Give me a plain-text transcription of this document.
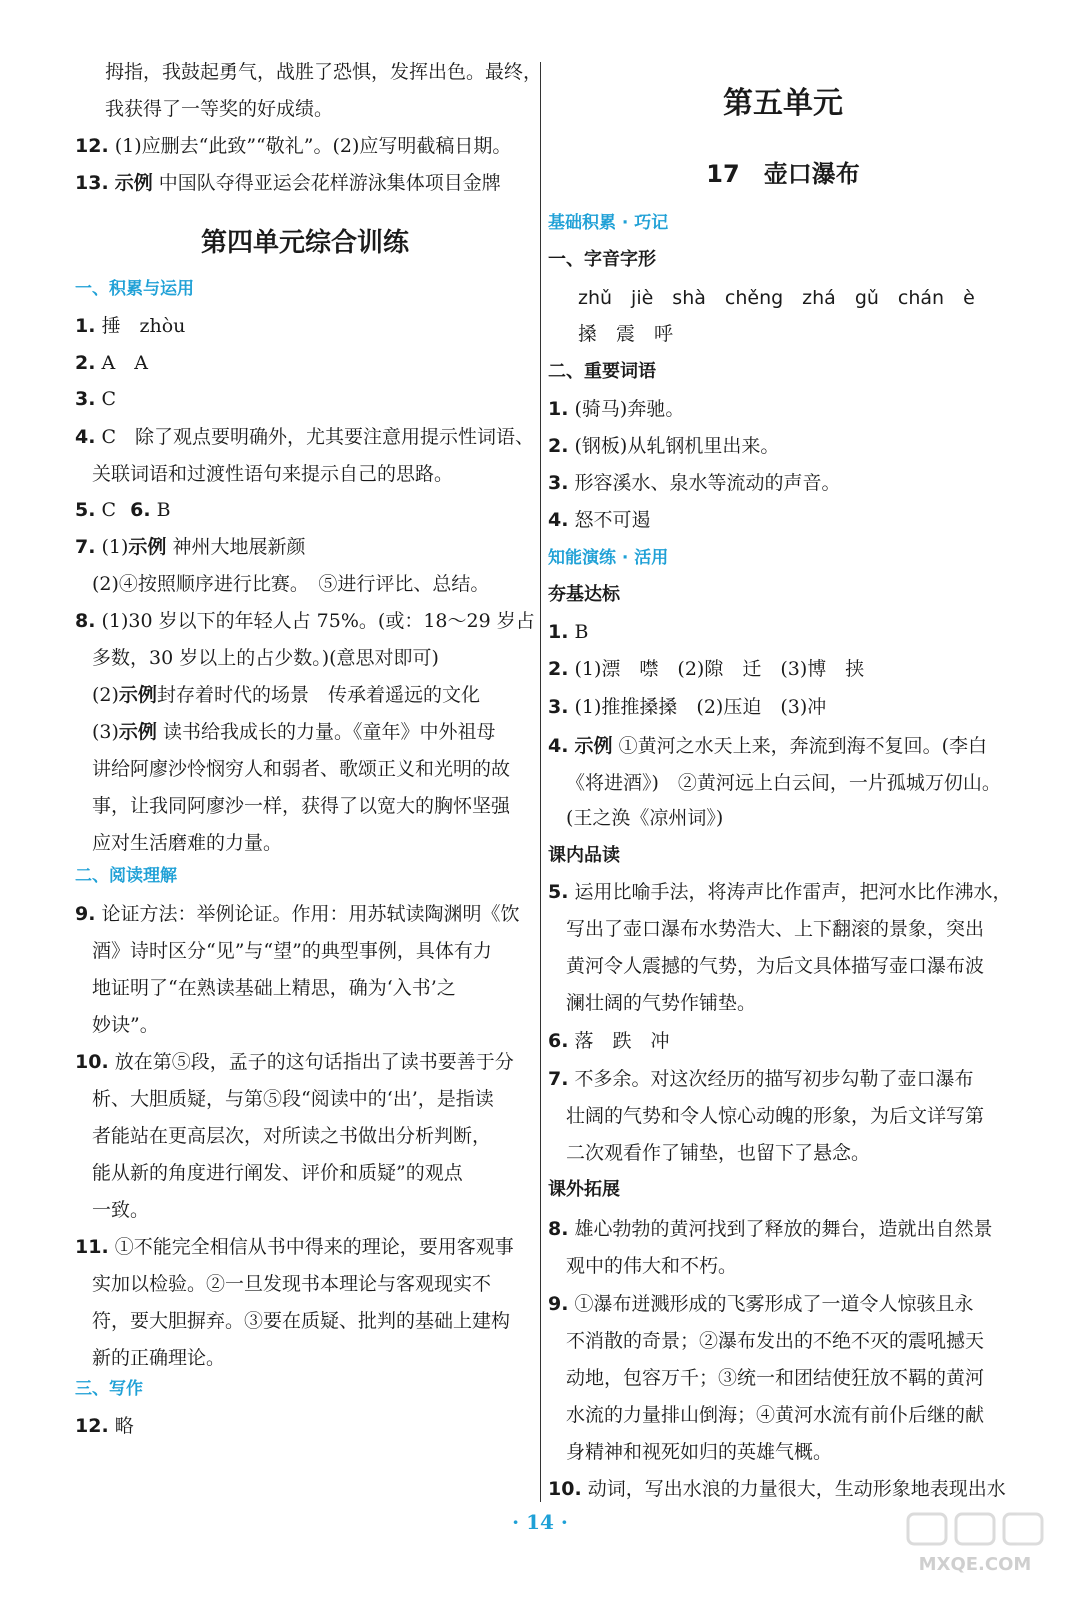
拇指，我鼓起勇气，战胜了恐惧，发挥出色。最终，
我获得了一等奖的好成绩。
12. (1)应删去“此致”“敬礼”。(2)应写明截稿日期。
13. 示例 中国队夺得亚运会花样游泳集体项目金牌
第四单元综合训练
一、积累与运用
1. 捶　zhòu
2. A　A
3. C
4. C　除了观点要明确外，尤其要注意用提示性词语、
关联词语和过渡性语句来提示自己的思路。
5. C 6. B
7. (1)示例 神州大地展新颜
(2)④按照顺序进行比赛。　⑤进行评比、总结。
8. (1)30 岁以下的年轻人占 75%。(或：18～29 岁占
多数，30 岁以上的占少数。)(意思对即可)
(2)示例封存着时代的场景　传承着遥远的文化
(3)示例 读书给我成长的力量。《童年》中外祖母
讲给阿廖沙怜悯穷人和弱者、歌颂正义和光明的故
事，让我同阿廖沙一样，获得了以宽大的胸怀坚强
应对生活磨难的力量。
二、阅读理解
9. 论证方法：举例论证。作用：用苏轼读陶渊明《饮
酒》诗时区分“见”与“望”的典型事例，具体有力
地证明了“在熟读基础上精思，确为‘入书’之
妙诀”。
10. 放在第⑤段，孟子的这句话指出了读书要善于分
析、大胆质疑，与第⑤段“阅读中的‘出’，是指读
者能站在更高层次，对所读之书做出分析判断，
能从新的角度进行阐发、评价和质疑”的观点
一致。
11. ①不能完全相信从书中得来的理论，要用客观事
实加以检验。②一旦发现书本理论与客观现实不
符，要大胆摒弃。③要在质疑、批判的基础上建构
新的正确理论。
三、写作
12. 略
第五单元
17　壶口瀑布
基础积累 · 巧记
一、字音字形
zhǔ　jiè　shà　chěng　zhá　gǔ　chán　è
搡　震　呼
二、重要词语
1. (骑马)奔驰。
2. (钢板)从轧钢机里出来。
3. 形容溪水、泉水等流动的声音。
4. 怒不可遏
知能演练 · 活用
夯基达标
1. B
2. (1)漂　噤　(2)隙　迁　(3)博　挟
3. (1)推推搡搡　(2)压迫　(3)冲
4. 示例 ①黄河之水天上来，奔流到海不复回。(李白
《将进酒》)　②黄河远上白云间，一片孤城万仞山。
(王之涣《凉州词》)
课内品读
5. 运用比喻手法，将涛声比作雷声，把河水比作沸水，
写出了壶口瀑布水势浩大、上下翻滚的景象，突出
黄河令人震撼的气势，为后文具体描写壶口瀑布波
澜壮阔的气势作铺垫。
6. 落　跌　冲
7. 不多余。对这次经历的描写初步勾勒了壶口瀑布
壮阔的气势和令人惊心动魄的形象，为后文详写第
二次观看作了铺垫，也留下了悬念。
课外拓展
8. 雄心勃勃的黄河找到了释放的舞台，造就出自然景
观中的伟大和不朽。
9. ①瀑布迸溅形成的飞雾形成了一道令人惊骇且永
不消散的奇景；②瀑布发出的不绝不灭的震吼撼天
动地，包容万千；③统一和团结使狂放不羁的黄河
水流的力量排山倒海；④黄河水流有前仆后继的献
身精神和视死如归的英雄气概。
10. 动词，写出水浪的力量很大，生动形象地表现出水
· 14 ·
MXQE.COM
